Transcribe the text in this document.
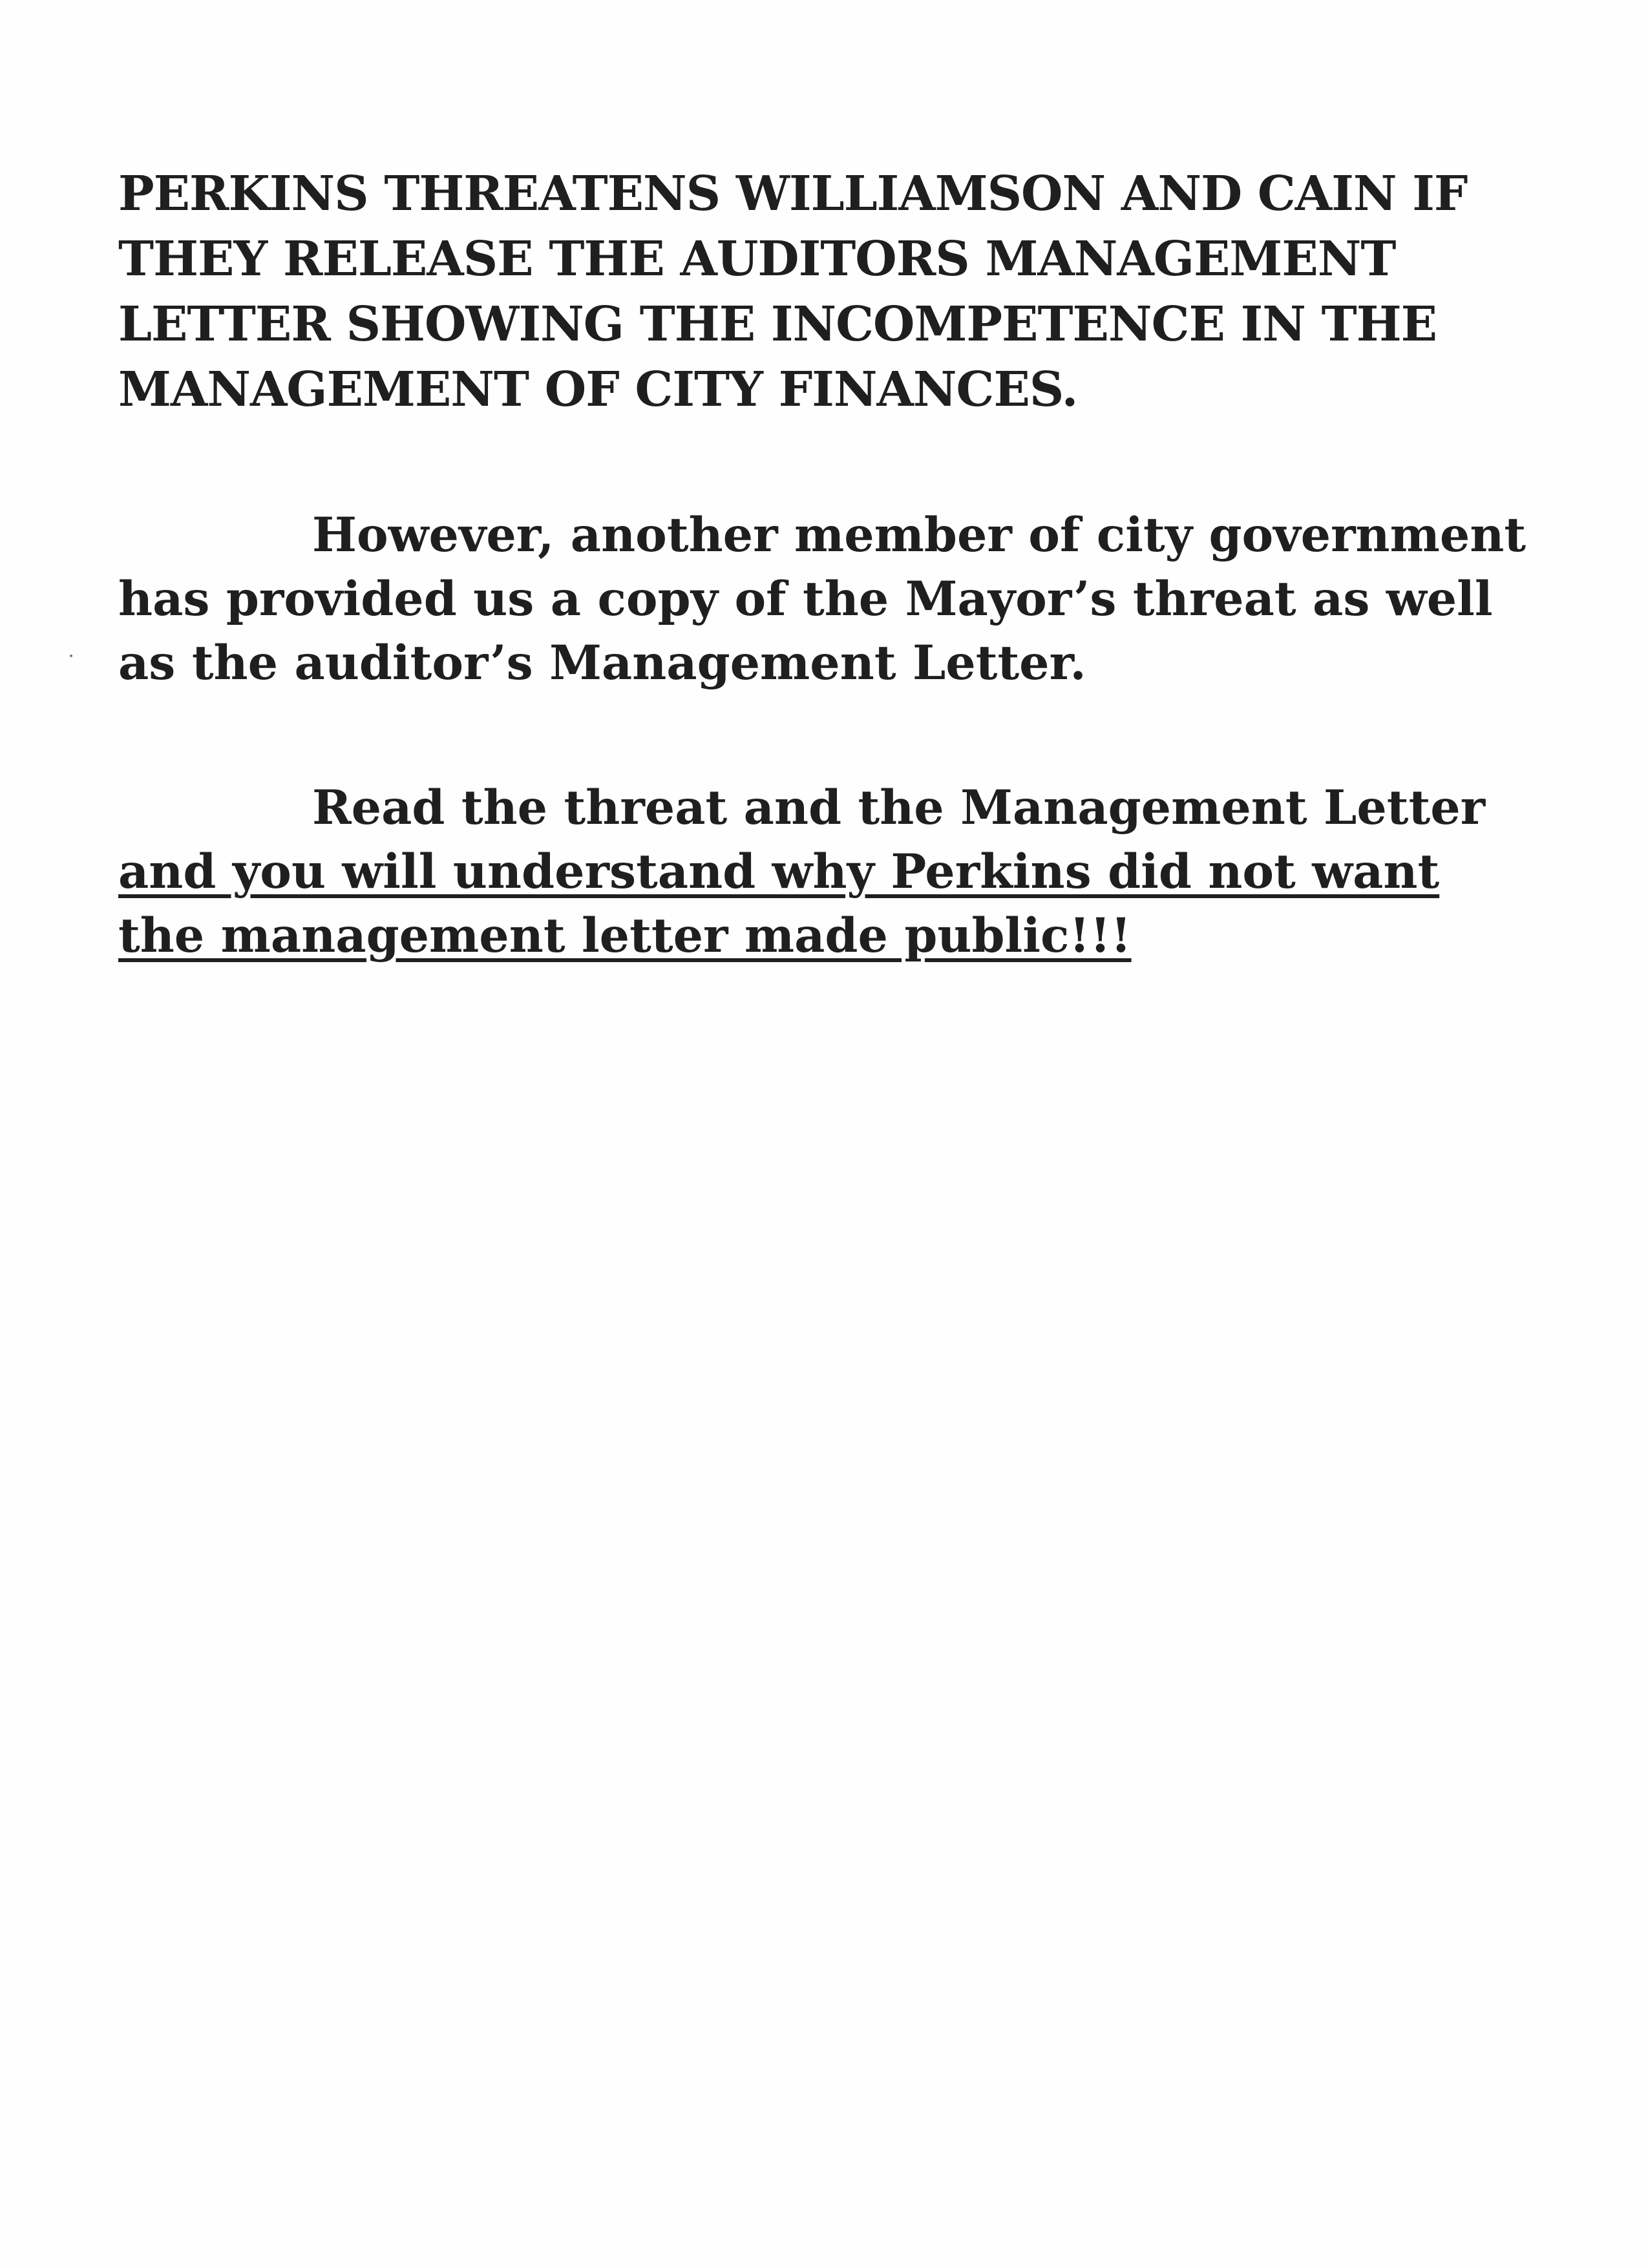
PERKINS THREATENS WILLIAMSON AND CAIN IF THEY RELEASE THE AUDITORS MANAGEMENT LETTER SHOWING THE INCOMPETENCE IN THE MANAGEMENT OF CITY FINANCES.

However, another member of city government has provided us a copy of the Mayor’s threat as well as the auditor’s Management Letter.

Read the threat and the Management Letter and you will understand why Perkins did not want the management letter made public!!!
